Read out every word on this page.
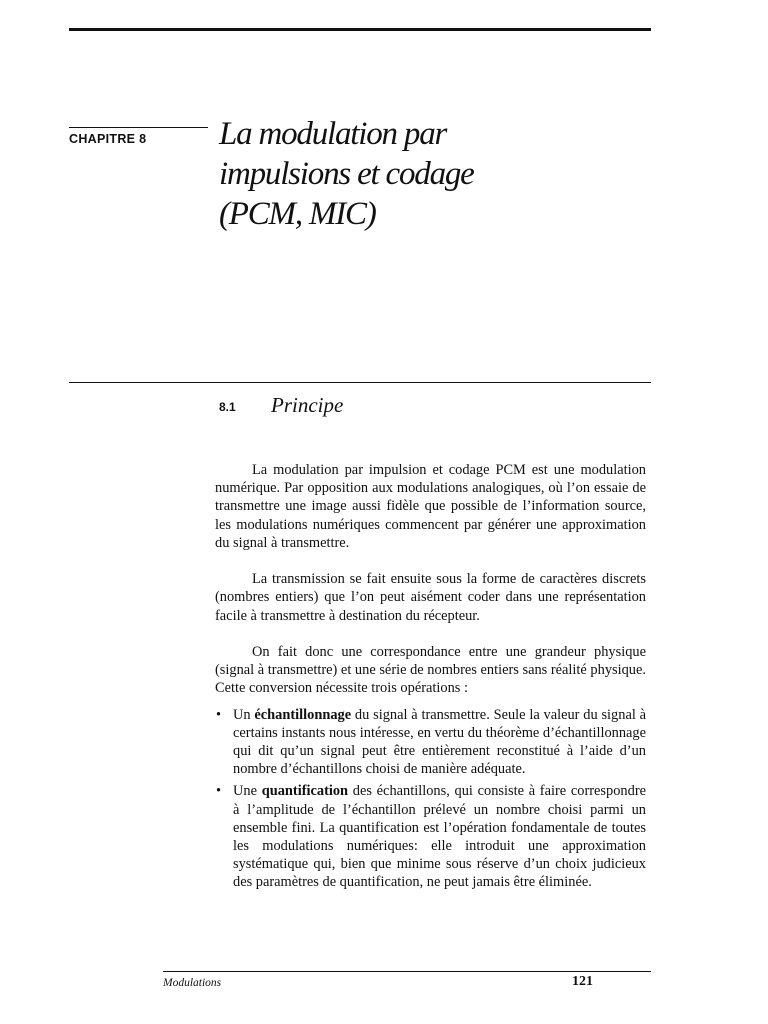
CHAPITRE 8 La modulation par
impulsions et codage
(PCM, MIC)
8.1 Principe

La modulation par impulsion et codage PCM est une modulation numérique. Par opposition aux modulations analogiques, où l’on essaie de transmettre une image aussi fidèle que possible de l’information source, les modulations numériques commencent par générer une approximation du signal à transmettre.

La transmission se fait ensuite sous la forme de caractères discrets (nombres entiers) que l’on peut aisément coder dans une représentation facile à transmettre à destination du récepteur.

On fait donc une correspondance entre une grandeur physique (signal à transmettre) et une série de nombres entiers sans réalité physique. Cette conversion nécessite trois opérations :

• Un échantillonnage du signal à transmettre. Seule la valeur du signal à certains instants nous intéresse, en vertu du théorème d’échantillonnage qui dit qu’un signal peut être entièrement reconstitué à l’aide d’un nombre d’échantillons choisi de manière adéquate.
• Une quantification des échantillons, qui consiste à faire correspondre à l’amplitude de l’échantillon prélevé un nombre choisi parmi un ensemble fini. La quantification est l’opération fondamentale de toutes les modulations numériques: elle introduit une approximation systématique qui, bien que minime sous réserve d’un choix judicieux des paramètres de quantification, ne peut jamais être éliminée.
Modulations	121
